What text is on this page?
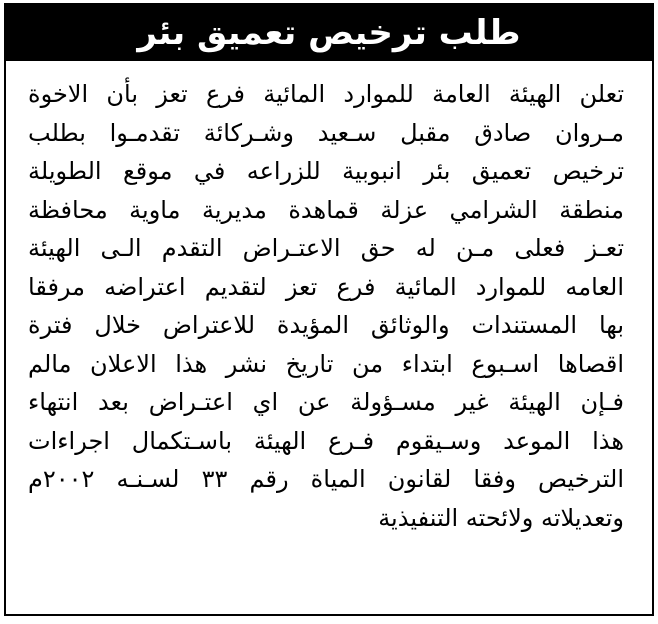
طلب ترخيص تعميق بئر
تعلن الهيئة العامة للموارد المائية فرع تعز بأن الاخوة
مـروان صادق مقبل سـعيد وشـركائة تقدمـوا بطلب
ترخيص تعميق بئر انبوبية للزراعه في موقع الطويلة
منطقة الشرامي عزلة قماهدة مديرية ماوية محافظة
تعـز فعلى مـن له حق الاعتـراض التقدم الـى الهيئة
العامه للموارد المائية فرع تعز لتقديم اعتراضه مرفقا
بها المستندات والوثائق المؤيدة للاعتراض خلال فترة
اقصاها اسـبوع ابتداء من تاريخ نشر هذا الاعلان مالم
فـإن الهيئة غير مسـؤولة عن اي اعتـراض بعد انتهاء
هذا الموعد وسـيقوم فـرع الهيئة باسـتكمال اجراءات
الترخيص وفقا لقانون المياة رقم ٣٣ لسـنـه ٢٠٠٢م
وتعديلاته ولائحته التنفيذية
